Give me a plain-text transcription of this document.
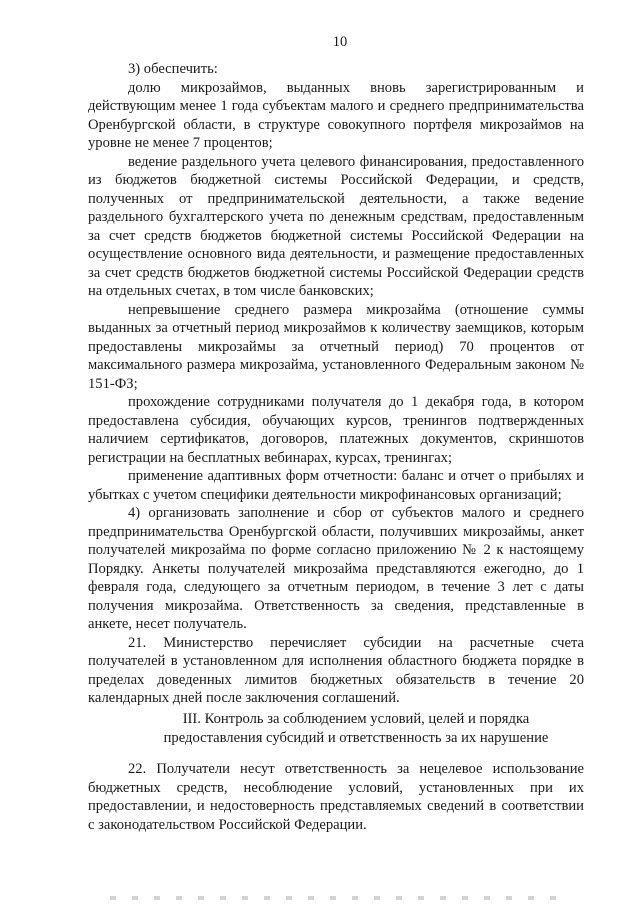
10

3) обеспечить:

долю микрозаймов, выданных вновь зарегистрированным и действующим менее 1 года субъектам малого и среднего предпринимательства Оренбургской области, в структуре совокупного портфеля микрозаймов на уровне не менее 7 процентов;

ведение раздельного учета целевого финансирования, предоставленного из бюджетов бюджетной системы Российской Федерации, и средств, полученных от предпринимательской деятельности, а также ведение раздельного бухгалтерского учета по денежным средствам, предоставленным за счет средств бюджетов бюджетной системы Российской Федерации на осуществление основного вида деятельности, и размещение предоставленных за счет средств бюджетов бюджетной системы Российской Федерации средств на отдельных счетах, в том числе банковских;

непревышение среднего размера микрозайма (отношение суммы выданных за отчетный период микрозаймов к количеству заемщиков, которым предоставлены микрозаймы за отчетный период) 70 процентов от максимального размера микрозайма, установленного Федеральным законом № 151-ФЗ;

прохождение сотрудниками получателя до 1 декабря года, в котором предоставлена субсидия, обучающих курсов, тренингов подтвержденных наличием сертификатов, договоров, платежных документов, скриншотов регистрации на бесплатных вебинарах, курсах, тренингах;

применение адаптивных форм отчетности: баланс и отчет о прибылях и убытках с учетом специфики деятельности микрофинансовых организаций;

4) организовать заполнение и сбор от субъектов малого и среднего предпринимательства Оренбургской области, получивших микрозаймы, анкет получателей микрозайма по форме согласно приложению № 2 к настоящему Порядку. Анкеты получателей микрозайма представляются ежегодно, до 1 февраля года, следующего за отчетным периодом, в течение 3 лет с даты получения микрозайма. Ответственность за сведения, представленные в анкете, несет получатель.

21. Министерство перечисляет субсидии на расчетные счета получателей в установленном для исполнения областного бюджета порядке в пределах доведенных лимитов бюджетных обязательств в течение 20 календарных дней после заключения соглашений.

III. Контроль за соблюдением условий, целей и порядка

предоставления субсидий и ответственность за их нарушение

22. Получатели несут ответственность за нецелевое использование бюджетных средств, несоблюдение условий, установленных при их предоставлении, и недостоверность представляемых сведений в соответствии с законодательством Российской Федерации.
